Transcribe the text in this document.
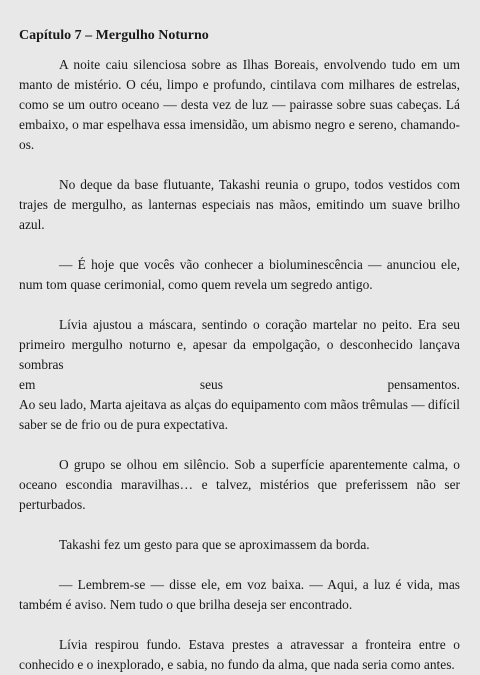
Capítulo 7 – Mergulho Noturno

A noite caiu silenciosa sobre as Ilhas Boreais, envolvendo tudo em um manto de mistério. O céu, limpo e profundo, cintilava com milhares de estrelas, como se um outro oceano — desta vez de luz — pairasse sobre suas cabeças. Lá embaixo, o mar espelhava essa imensidão, um abismo negro e sereno, chamando-os.

No deque da base flutuante, Takashi reunia o grupo, todos vestidos com trajes de mergulho, as lanternas especiais nas mãos, emitindo um suave brilho azul.

— É hoje que vocês vão conhecer a bioluminescência — anunciou ele, num tom quase cerimonial, como quem revela um segredo antigo.

Lívia ajustou a máscara, sentindo o coração martelar no peito. Era seu primeiro mergulho noturno e, apesar da empolgação, o desconhecido lançava sombras

em	seus	pensamentos.

Ao seu lado, Marta ajeitava as alças do equipamento com mãos trêmulas — difícil saber se de frio ou de pura expectativa.

O grupo se olhou em silêncio. Sob a superfície aparentemente calma, o oceano escondia maravilhas… e talvez, mistérios que preferissem não ser perturbados.

Takashi fez um gesto para que se aproximassem da borda.

— Lembrem-se — disse ele, em voz baixa. — Aqui, a luz é vida, mas também é aviso. Nem tudo o que brilha deseja ser encontrado.

Lívia respirou fundo. Estava prestes a atravessar a fronteira entre o conhecido e o inexplorado, e sabia, no fundo da alma, que nada seria como antes.
